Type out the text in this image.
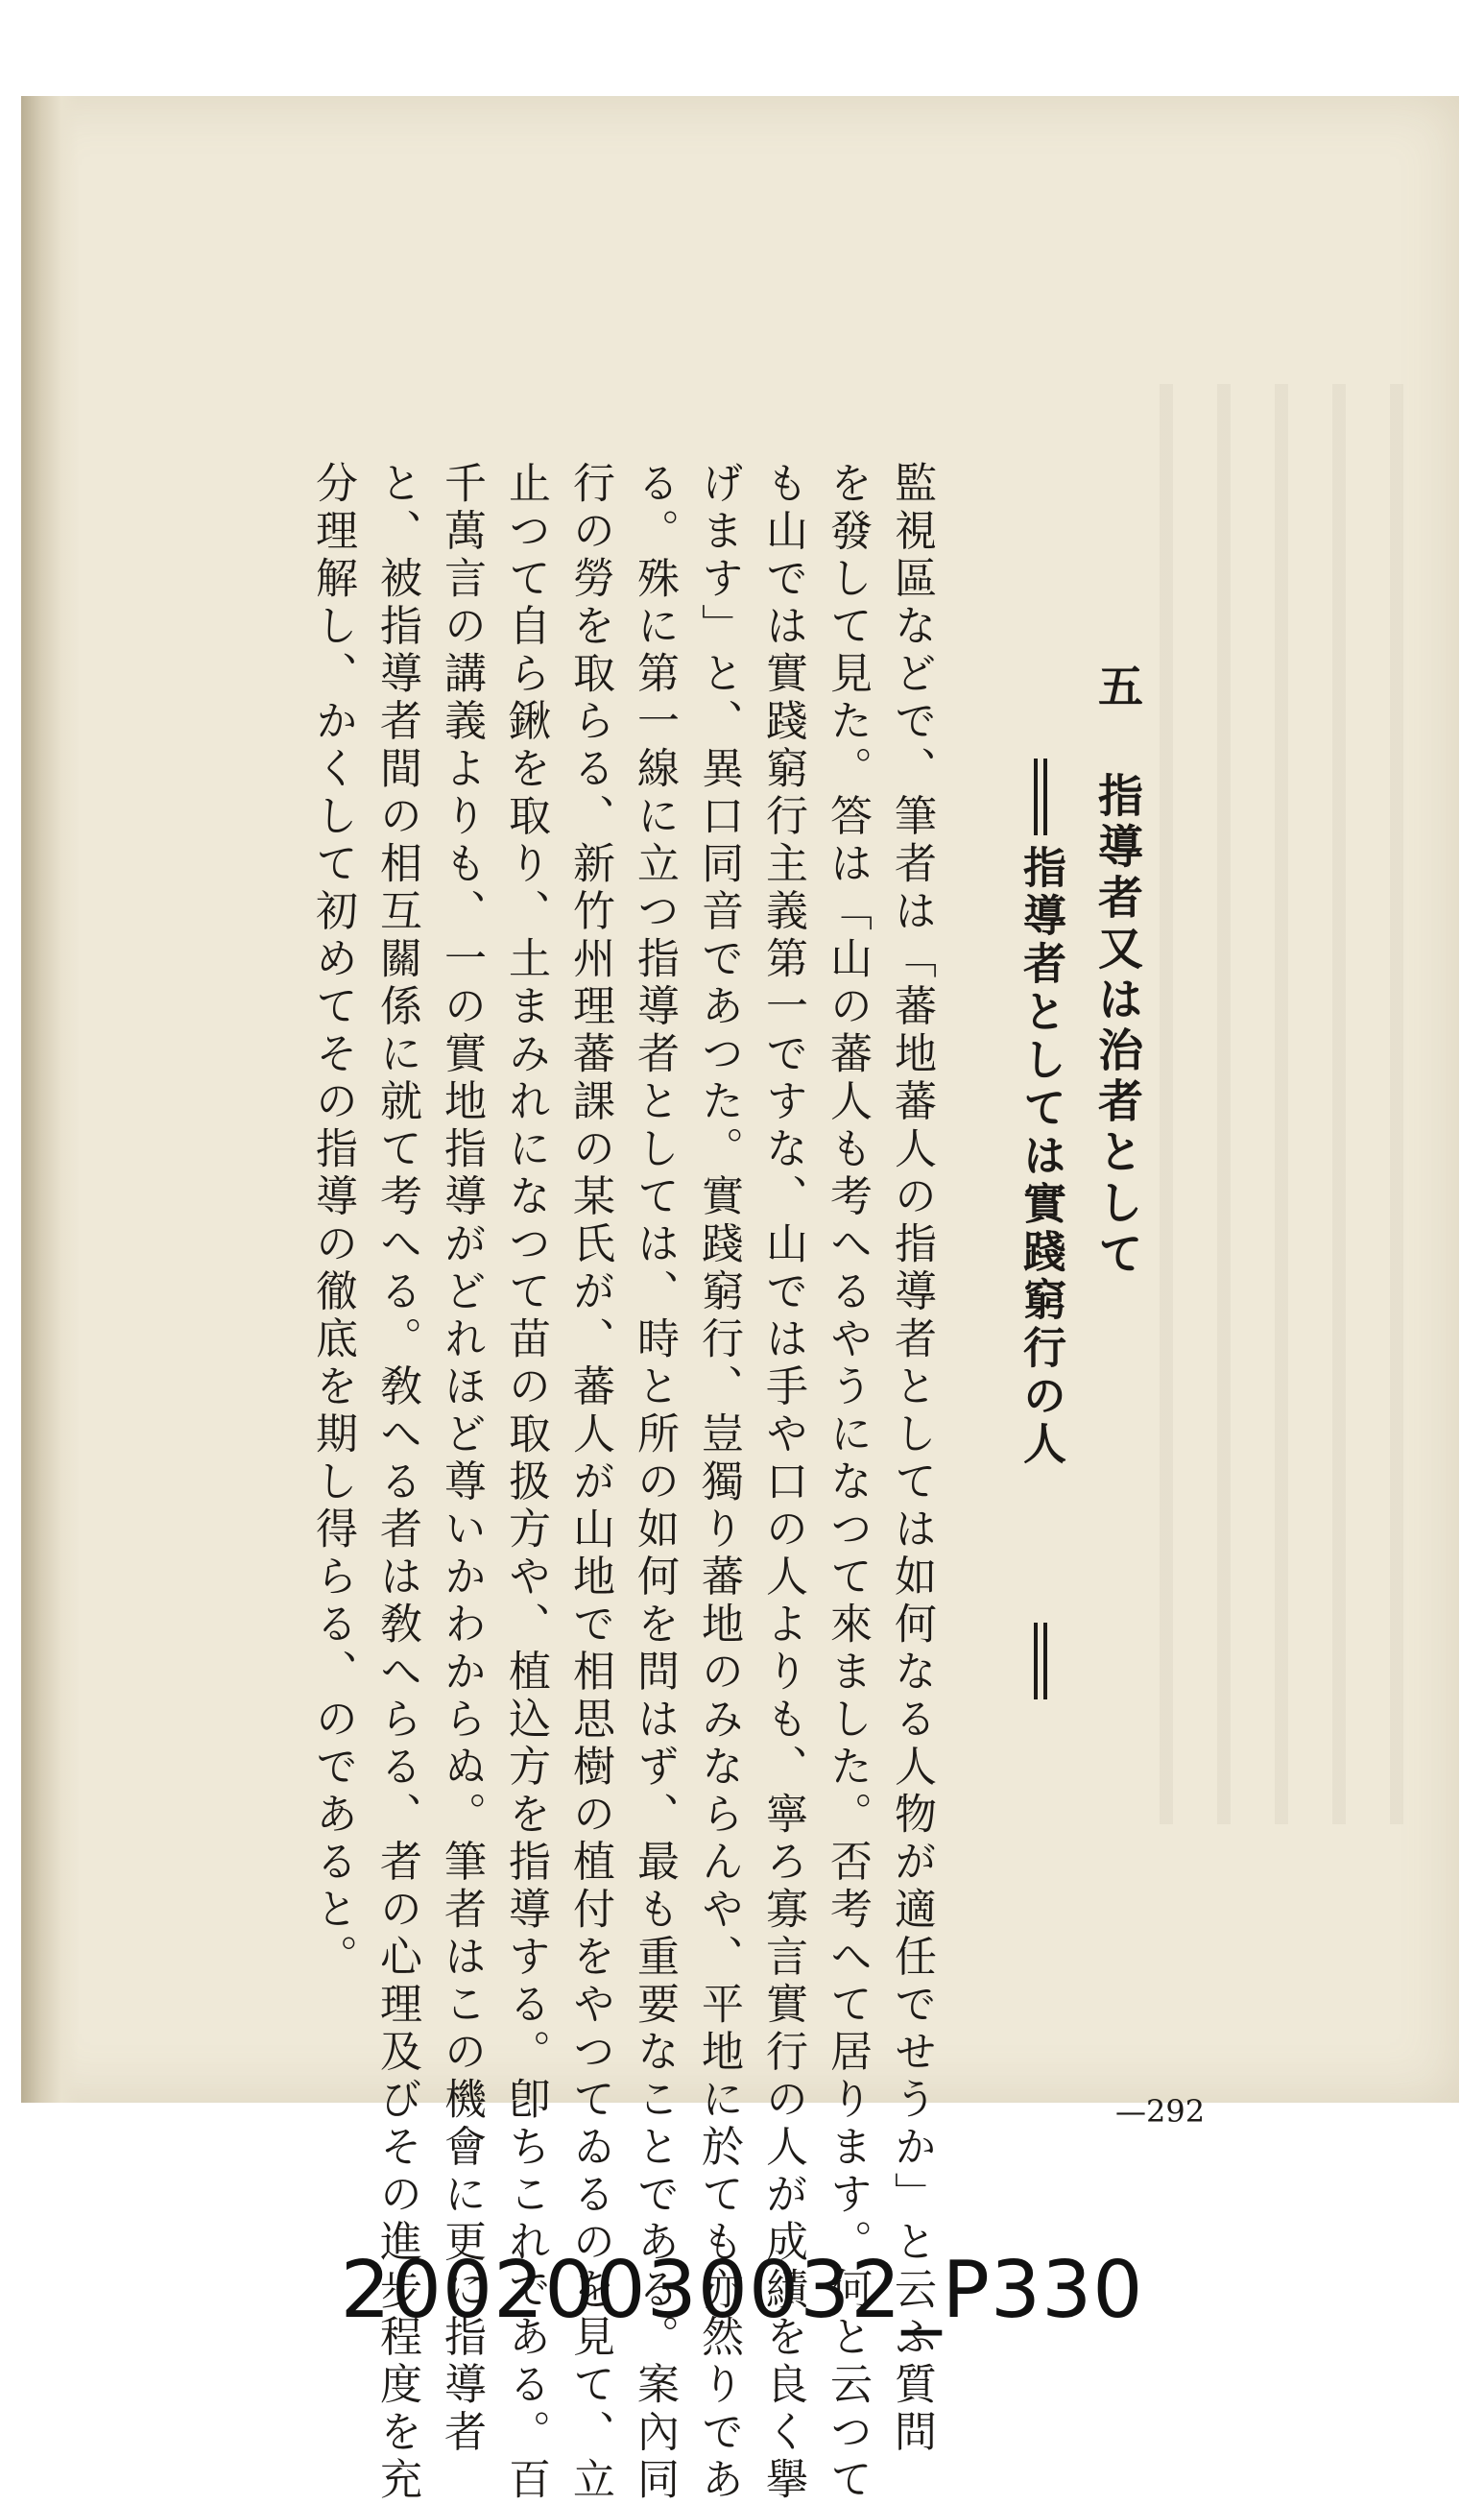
五 指導者又は治者として

指導者としては實踐窮行の人

監視區などで、筆者は「蕃地蕃人の指導者としては如何なる人物が適任でせうか」と云ふ質問

を發して見た。答は「山の蕃人も考へるやうになつて來ました。否考へて居ります。何と云つて

も山では實踐窮行主義第一ですな、山では手や口の人よりも、寧ろ寡言實行の人が成績を良く擧

げます」と、異口同音であつた。實踐窮行、豈獨り蕃地のみならんや、平地に於ても亦然りであ

る。殊に第一線に立つ指導者としては、時と所の如何を問はず、最も重要なことである。案內同

行の勞を取らる、新竹州理蕃課の某氏が、蕃人が山地で相思樹の植付をやつてゐるのを見て、立

止つて自ら鍬を取り、土まみれになつて苗の取扱方や、植込方を指導する。卽ちこれである。百

千萬言の講義よりも、一の實地指導がどれほど尊いかわからぬ。筆者はこの機會に更に指導者

と、被指導者間の相互關係に就て考へる。敎へる者は敎へらる、者の心理及びその進步程度を充

分理解し、かくして初めてその指導の徹底を期し得らる、のであると。

—292
20020030032_P330
